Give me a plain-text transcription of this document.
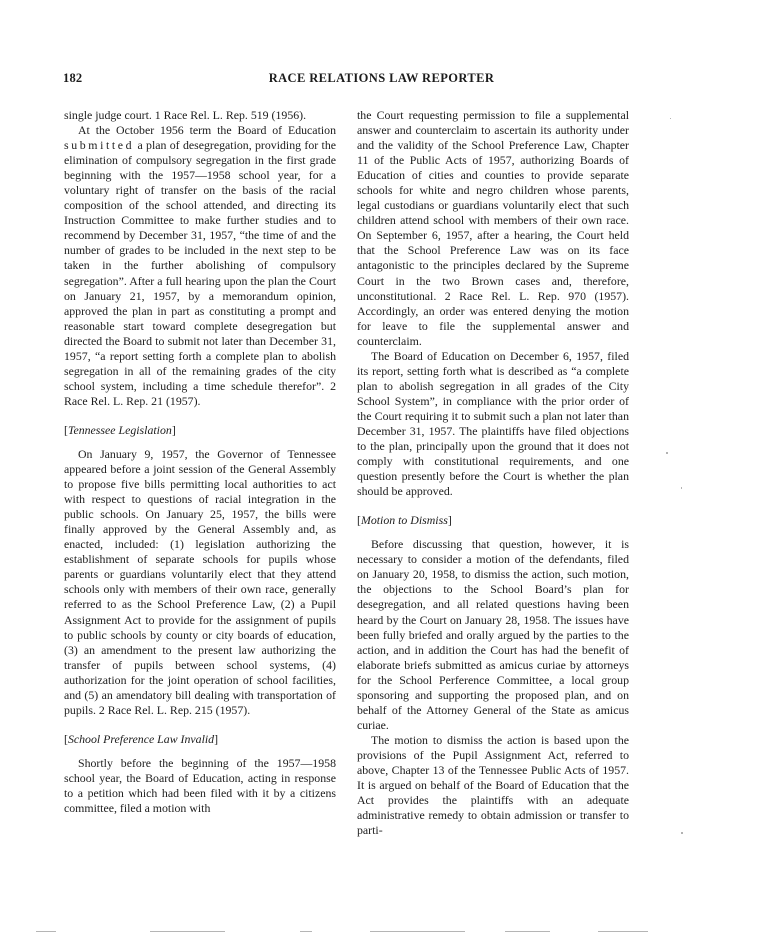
182	RACE RELATIONS LAW REPORTER

single judge court. 1 Race Rel. L. Rep. 519 (1956).

At the October 1956 term the Board of Education submitted a plan of desegregation, providing for the elimination of compulsory segregation in the first grade beginning with the 1957—1958 school year, for a voluntary right of transfer on the basis of the racial composition of the school attended, and directing its Instruction Committee to make further studies and to recommend by December 31, 1957, “the time of and the number of grades to be included in the next step to be taken in the further abolishing of compulsory segregation”. After a full hearing upon the plan the Court on January 21, 1957, by a memorandum opinion, approved the plan in part as constituting a prompt and reasonable start toward complete desegregation but directed the Board to submit not later than December 31, 1957, “a report setting forth a complete plan to abolish segregation in all of the remaining grades of the city school system, including a time schedule therefor”. 2 Race Rel. L. Rep. 21 (1957).

[Tennessee Legislation]

On January 9, 1957, the Governor of Tennessee appeared before a joint session of the General Assembly to propose five bills permitting local authorities to act with respect to questions of racial integration in the public schools. On January 25, 1957, the bills were finally approved by the General Assembly and, as enacted, included: (1) legislation authorizing the establishment of separate schools for pupils whose parents or guardians voluntarily elect that they attend schools only with members of their own race, generally referred to as the School Preference Law, (2) a Pupil Assignment Act to provide for the assignment of pupils to public schools by county or city boards of education, (3) an amendment to the present law authorizing the transfer of pupils between school systems, (4) authorization for the joint operation of school facilities, and (5) an amendatory bill dealing with transportation of pupils. 2 Race Rel. L. Rep. 215 (1957).

[School Preference Law Invalid]

Shortly before the beginning of the 1957—1958 school year, the Board of Education, acting in response to a petition which had been filed with it by a citizens committee, filed a motion with

the Court requesting permission to file a supplemental answer and counterclaim to ascertain its authority under and the validity of the School Preference Law, Chapter 11 of the Public Acts of 1957, authorizing Boards of Education of cities and counties to provide separate schools for white and negro children whose parents, legal custodians or guardians voluntarily elect that such children attend school with members of their own race. On September 6, 1957, after a hearing, the Court held that the School Preference Law was on its face antagonistic to the principles declared by the Supreme Court in the two Brown cases and, therefore, unconstitutional. 2 Race Rel. L. Rep. 970 (1957). Accordingly, an order was entered denying the motion for leave to file the supplemental answer and counterclaim.

The Board of Education on December 6, 1957, filed its report, setting forth what is described as “a complete plan to abolish segregation in all grades of the City School System”, in compliance with the prior order of the Court requiring it to submit such a plan not later than December 31, 1957. The plaintiffs have filed objections to the plan, principally upon the ground that it does not comply with constitutional requirements, and one question presently before the Court is whether the plan should be approved.

[Motion to Dismiss]

Before discussing that question, however, it is necessary to consider a motion of the defendants, filed on January 20, 1958, to dismiss the action, such motion, the objections to the School Board’s plan for desegregation, and all related questions having been heard by the Court on January 28, 1958. The issues have been fully briefed and orally argued by the parties to the action, and in addition the Court has had the benefit of elaborate briefs submitted as amicus curiae by attorneys for the School Perference Committee, a local group sponsoring and supporting the proposed plan, and on behalf of the Attorney General of the State as amicus curiae.

The motion to dismiss the action is based upon the provisions of the Pupil Assignment Act, referred to above, Chapter 13 of the Tennessee Public Acts of 1957. It is argued on behalf of the Board of Education that the Act provides the plaintiffs with an adequate administrative remedy to obtain admission or transfer to parti-
